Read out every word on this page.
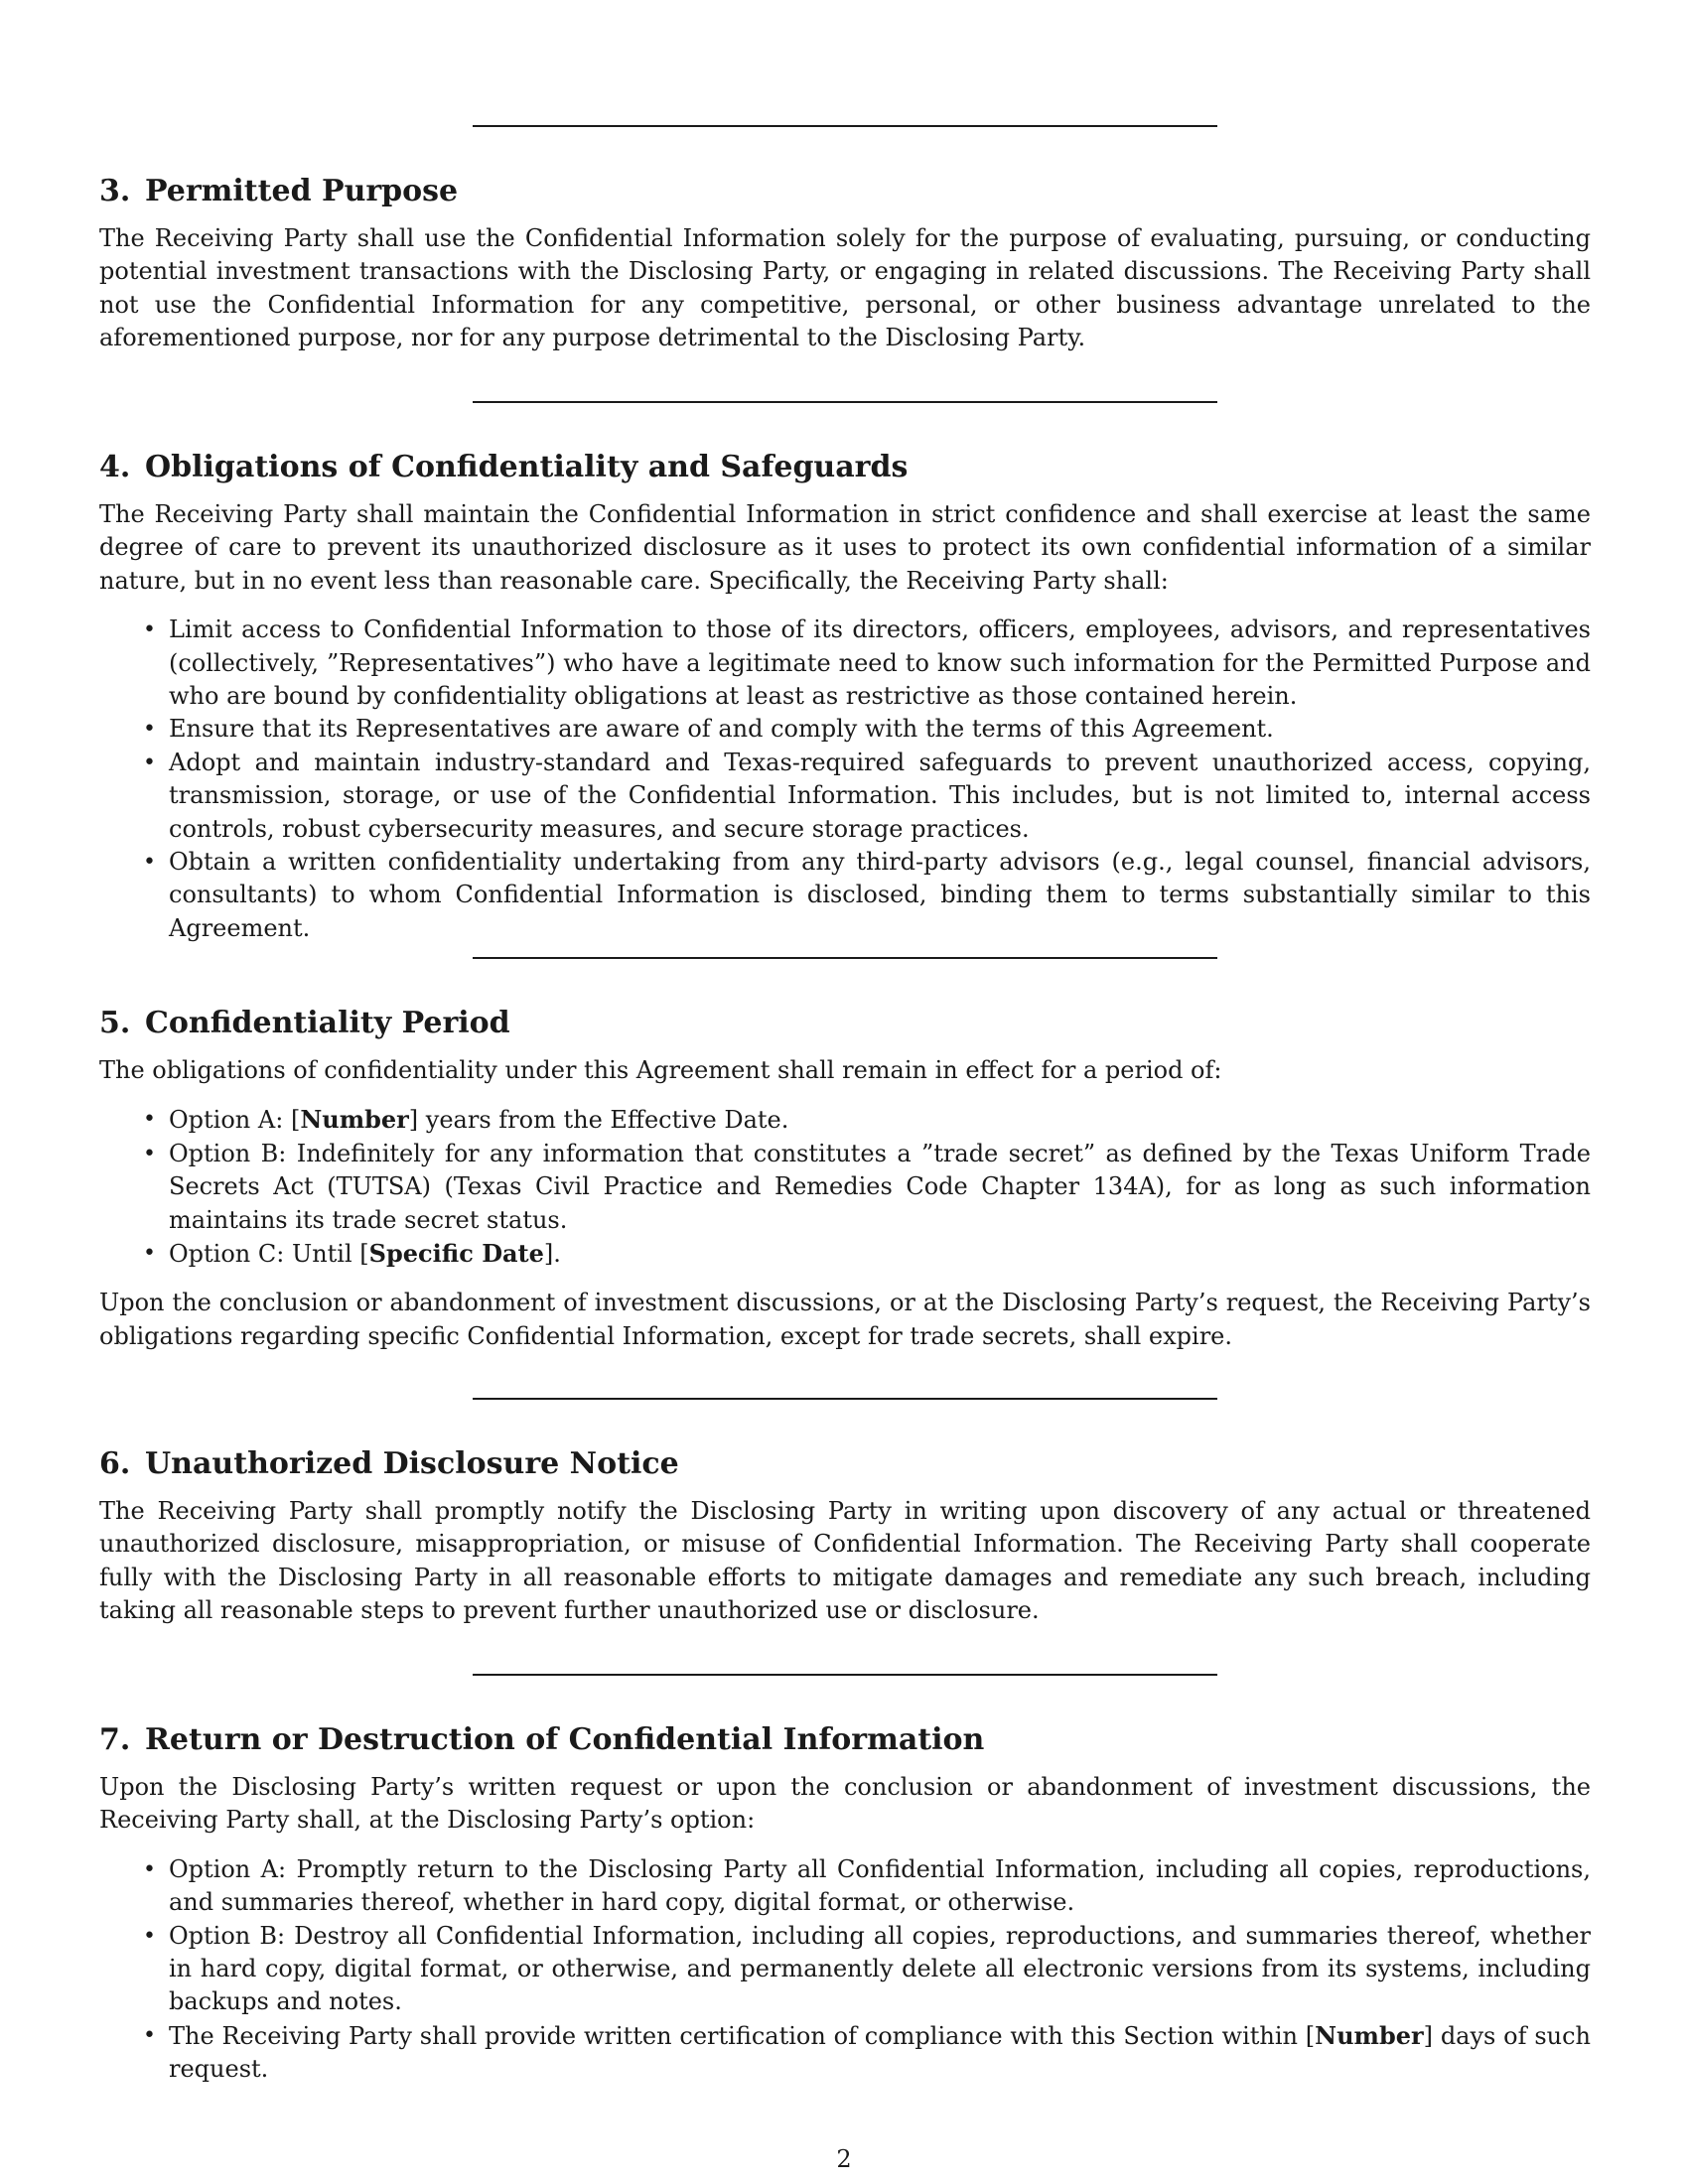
3. Permitted Purpose

The Receiving Party shall use the Confidential Information solely for the purpose of evaluating, pursuing, or conducting potential investment transactions with the Disclosing Party, or engaging in related discussions. The Receiving Party shall not use the Confidential Information for any competitive, personal, or other business advantage unrelated to the aforementioned purpose, nor for any purpose detrimental to the Disclosing Party.

4. Obligations of Confidentiality and Safeguards

The Receiving Party shall maintain the Confidential Information in strict confidence and shall exercise at least the same degree of care to prevent its unauthorized disclosure as it uses to protect its own confidential information of a similar nature, but in no event less than reasonable care. Specifically, the Receiving Party shall:

• Limit access to Confidential Information to those of its directors, officers, employees, advisors, and representatives (collectively, ”Representatives”) who have a legitimate need to know such information for the Permitted Purpose and who are bound by confidentiality obligations at least as restrictive as those contained herein.
• Ensure that its Representatives are aware of and comply with the terms of this Agreement.
• Adopt and maintain industry-standard and Texas-required safeguards to prevent unauthorized access, copying, transmission, storage, or use of the Confidential Information. This includes, but is not limited to, internal access controls, robust cybersecurity measures, and secure storage practices.
• Obtain a written confidentiality undertaking from any third-party advisors (e.g., legal counsel, financial advisors, consultants) to whom Confidential Information is disclosed, binding them to terms substantially similar to this Agreement.
5. Confidentiality Period

The obligations of confidentiality under this Agreement shall remain in effect for a period of:

• Option A: [Number] years from the Effective Date.
• Option B: Indefinitely for any information that constitutes a ”trade secret” as defined by the Texas Uniform Trade Secrets Act (TUTSA) (Texas Civil Practice and Remedies Code Chapter 134A), for as long as such information maintains its trade secret status.
• Option C: Until [Specific Date].

Upon the conclusion or abandonment of investment discussions, or at the Disclosing Party’s request, the Receiving Party’s obligations regarding specific Confidential Information, except for trade secrets, shall expire.

6. Unauthorized Disclosure Notice

The Receiving Party shall promptly notify the Disclosing Party in writing upon discovery of any actual or threatened unauthorized disclosure, misappropriation, or misuse of Confidential Information. The Receiving Party shall cooperate fully with the Disclosing Party in all reasonable efforts to mitigate damages and remediate any such breach, including taking all reasonable steps to prevent further unauthorized use or disclosure.

7. Return or Destruction of Confidential Information

Upon the Disclosing Party’s written request or upon the conclusion or abandonment of investment discussions, the Receiving Party shall, at the Disclosing Party’s option:

• Option A: Promptly return to the Disclosing Party all Confidential Information, including all copies, reproductions, and summaries thereof, whether in hard copy, digital format, or otherwise.
• Option B: Destroy all Confidential Information, including all copies, reproductions, and summaries thereof, whether in hard copy, digital format, or otherwise, and permanently delete all electronic versions from its systems, including backups and notes.
• The Receiving Party shall provide written certification of compliance with this Section within [Number] days of such request.
2
